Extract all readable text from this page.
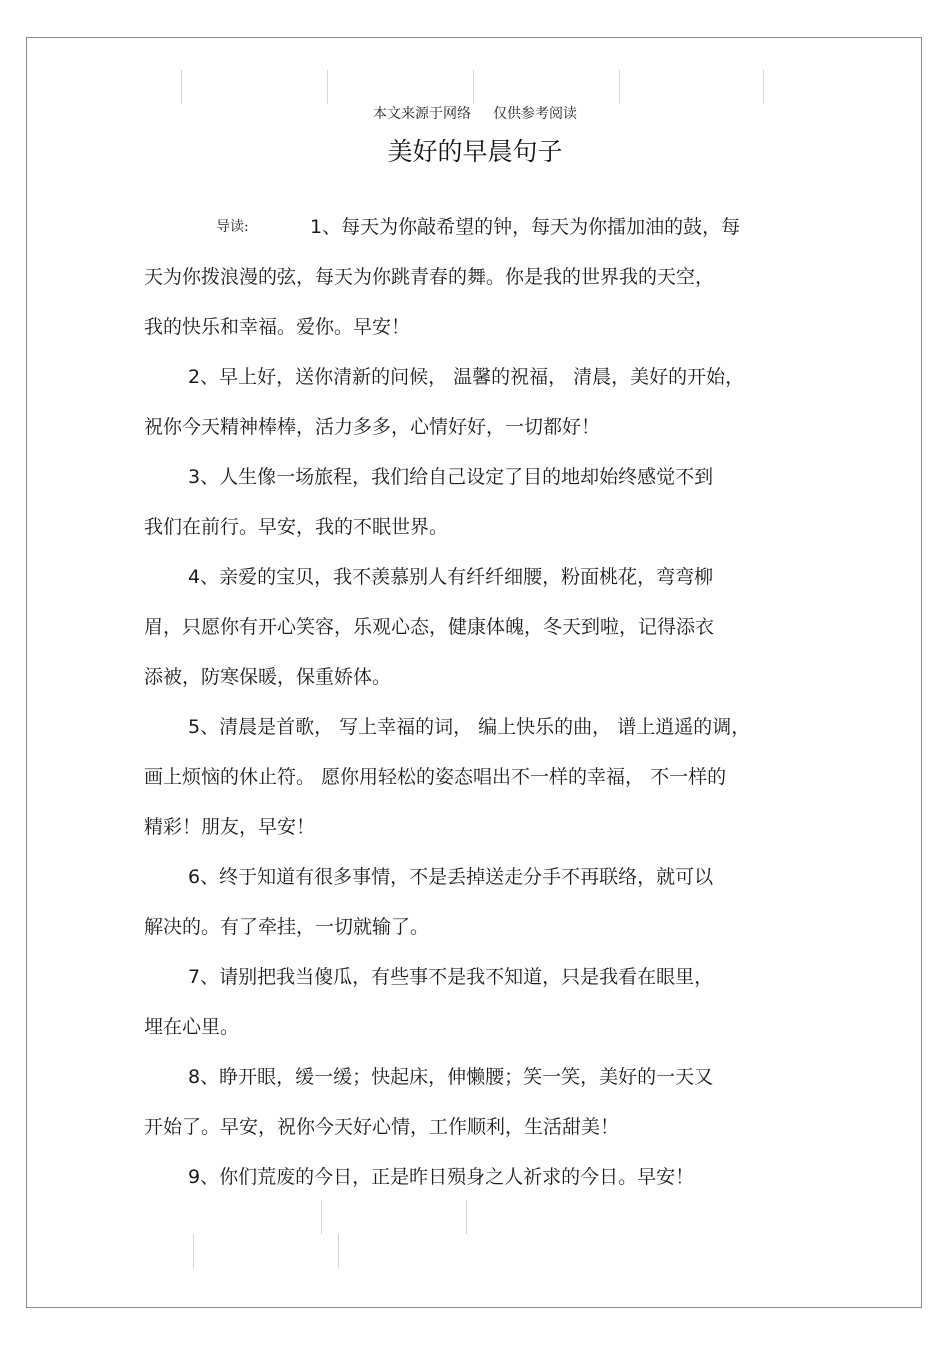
本文来源于网络 仅供参考阅读
美好的早晨句子
导读:	1、每天为你敲希望的钟，每天为你擂加油的鼓，每
天为你拨浪漫的弦，每天为你跳青春的舞。你是我的世界我的天空，
我的快乐和幸福。爱你。早安！
2、早上好，送你清新的问候， 温馨的祝福， 清晨，美好的开始，
祝你今天精神棒棒，活力多多，心情好好，一切都好！
3、人生像一场旅程，我们给自己设定了目的地却始终感觉不到
我们在前行。早安，我的不眠世界。
4、亲爱的宝贝，我不羡慕别人有纤纤细腰，粉面桃花，弯弯柳
眉，只愿你有开心笑容，乐观心态，健康体魄，冬天到啦，记得添衣
添被，防寒保暖，保重娇体。
5、清晨是首歌， 写上幸福的词， 编上快乐的曲， 谱上逍遥的调，
画上烦恼的休止符。 愿你用轻松的姿态唱出不一样的幸福， 不一样的
精彩！朋友，早安！
6、终于知道有很多事情，不是丢掉送走分手不再联络，就可以
解决的。有了牵挂，一切就输了。
7、请别把我当傻瓜，有些事不是我不知道，只是我看在眼里，
埋在心里。
8、睁开眼，缓一缓；快起床，伸懒腰；笑一笑，美好的一天又
开始了。早安，祝你今天好心情，工作顺利，生活甜美！
9、你们荒废的今日，正是昨日殒身之人祈求的今日。早安！
